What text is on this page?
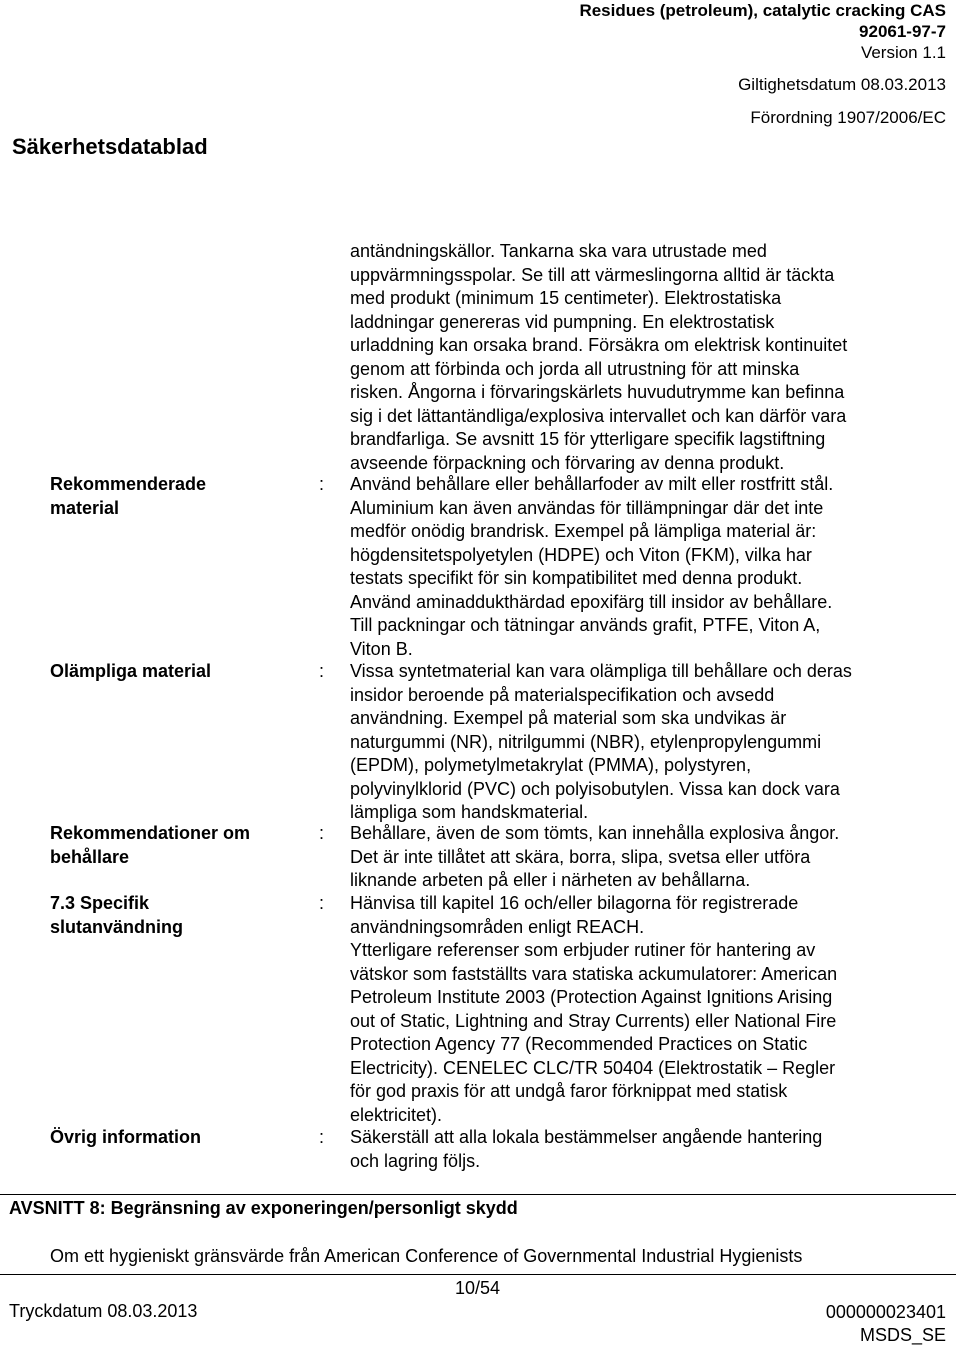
Residues (petroleum), catalytic cracking CAS
92061-97-7
Version 1.1
Giltighetsdatum 08.03.2013
Förordning 1907/2006/EC
Säkerhetsdatablad
antändningskällor. Tankarna ska vara utrustade med
uppvärmningsspolar. Se till att värmeslingorna alltid är täckta
med produkt (minimum 15 centimeter). Elektrostatiska
laddningar genereras vid pumpning. En elektrostatisk
urladdning kan orsaka brand. Försäkra om elektrisk kontinuitet
genom att förbinda och jorda all utrustning för att minska
risken. Ångorna i förvaringskärlets huvudutrymme kan befinna
sig i det lättantändliga/explosiva intervallet och kan därför vara
brandfarliga. Se avsnitt 15 för ytterligare specifik lagstiftning
avseende förpackning och förvaring av denna produkt.
Rekommenderade
material
: Använd behållare eller behållarfoder av milt eller rostfritt stål.
Aluminium kan även användas för tillämpningar där det inte
medför onödig brandrisk. Exempel på lämpliga material är:
högdensitetspolyetylen (HDPE) och Viton (FKM), vilka har
testats specifikt för sin kompatibilitet med denna produkt.
Använd aminaddukthärdad epoxifärg till insidor av behållare.
Till packningar och tätningar används grafit, PTFE, Viton A,
Viton B.
Olämpliga material	: Vissa syntetmaterial kan vara olämpliga till behållare och deras
insidor beroende på materialspecifikation och avsedd
användning. Exempel på material som ska undvikas är
naturgummi (NR), nitrilgummi (NBR), etylenpropylengummi
(EPDM), polymetylmetakrylat (PMMA), polystyren,
polyvinylklorid (PVC) och polyisobutylen. Vissa kan dock vara
lämpliga som handskmaterial.
Rekommendationer om
behållare
: Behållare, även de som tömts, kan innehålla explosiva ångor.
Det är inte tillåtet att skära, borra, slipa, svetsa eller utföra
liknande arbeten på eller i närheten av behållarna.
7.3 Specifik
slutanvändning
: Hänvisa till kapitel 16 och/eller bilagorna för registrerade
användningsområden enligt REACH.
Ytterligare referenser som erbjuder rutiner för hantering av
vätskor som fastställts vara statiska ackumulatorer: American
Petroleum Institute 2003 (Protection Against Ignitions Arising
out of Static, Lightning and Stray Currents) eller National Fire
Protection Agency 77 (Recommended Practices on Static
Electricity). CENELEC CLC/TR 50404 (Elektrostatik – Regler
för god praxis för att undgå faror förknippat med statisk
elektricitet).
Övrig information	: Säkerställ att alla lokala bestämmelser angående hantering
och lagring följs.
AVSNITT 8: Begränsning av exponeringen/personligt skydd
Om ett hygieniskt gränsvärde från American Conference of Governmental Industrial Hygienists
10/54
Tryckdatum 08.03.2013	000000023401
MSDS_SE
